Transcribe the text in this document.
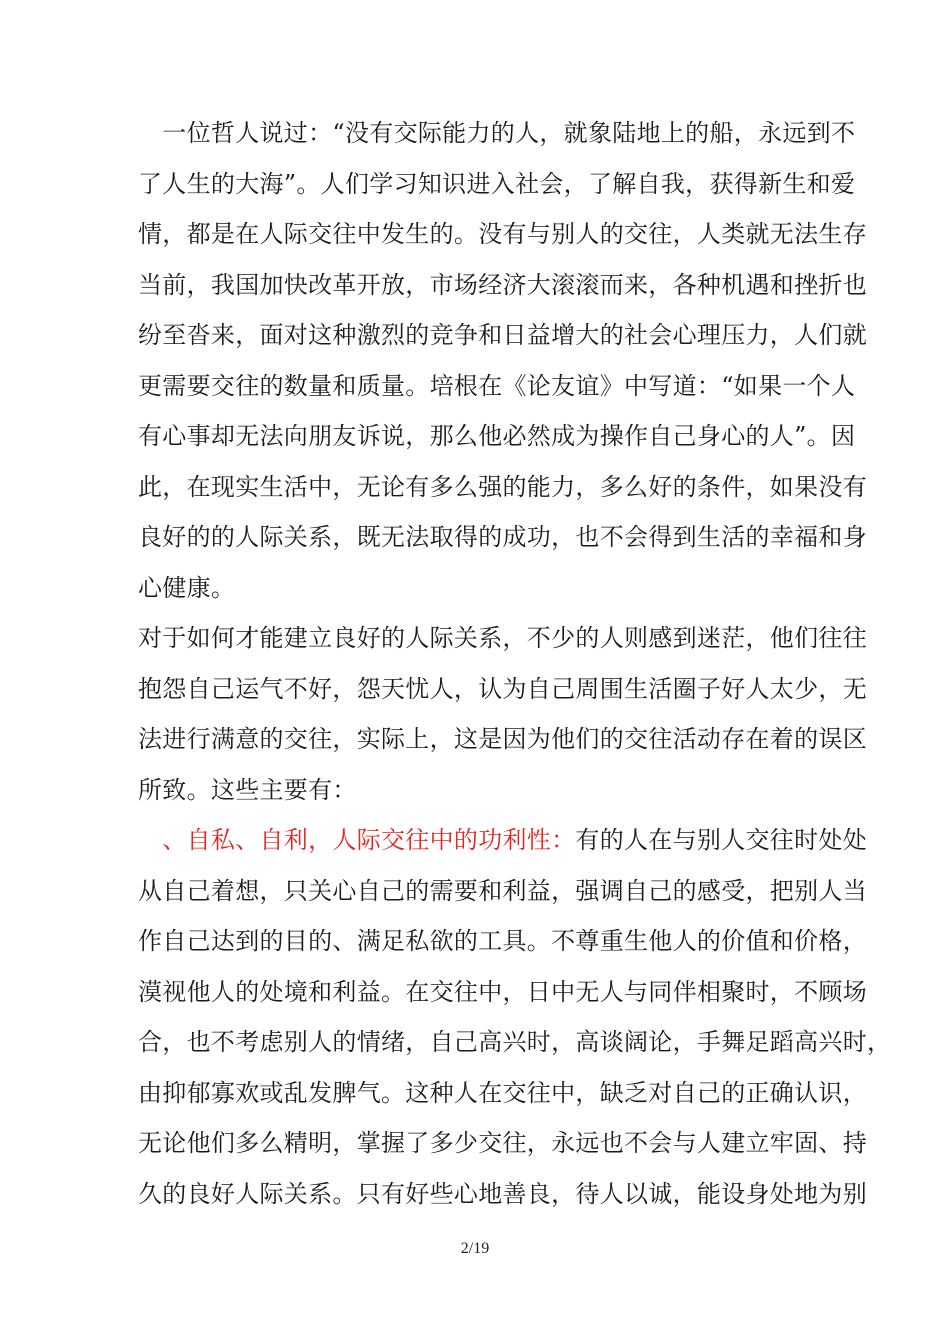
　一位哲人说过：“没有交际能力的人，就象陆地上的船，永远到不
了人生的大海”。人们学习知识进入社会，了解自我，获得新生和爱
情，都是在人际交往中发生的。没有与别人的交往，人类就无法生存
当前，我国加快改革开放，市场经济大滚滚而来，各种机遇和挫折也
纷至沓来，面对这种激烈的竞争和日益增大的社会心理压力，人们就
更需要交往的数量和质量。培根在《论友谊》中写道：“如果一个人
有心事却无法向朋友诉说，那么他必然成为操作自己身心的人”。因
此，在现实生活中，无论有多么强的能力，多么好的条件，如果没有
良好的的人际关系，既无法取得的成功，也不会得到生活的幸福和身
心健康。
对于如何才能建立良好的人际关系，不少的人则感到迷茫，他们往往
抱怨自己运气不好，怨天忧人，认为自己周围生活圈子好人太少，无
法进行满意的交往，实际上，这是因为他们的交往活动存在着的误区
所致。这些主要有：
　、自私、自利，人际交往中的功利性：有的人在与别人交往时处处
从自己着想，只关心自己的需要和利益，强调自己的感受，把别人当
作自己达到的目的、满足私欲的工具。不尊重生他人的价值和价格，
漠视他人的处境和利益。在交往中，日中无人与同伴相聚时，不顾场
合，也不考虑别人的情绪，自己高兴时，高谈阔论，手舞足蹈高兴时，
由抑郁寡欢或乱发脾气。这种人在交往中，缺乏对自己的正确认识，
无论他们多么精明，掌握了多少交往，永远也不会与人建立牢固、持
久的良好人际关系。只有好些心地善良，待人以诚，能设身处地为别
2/19
